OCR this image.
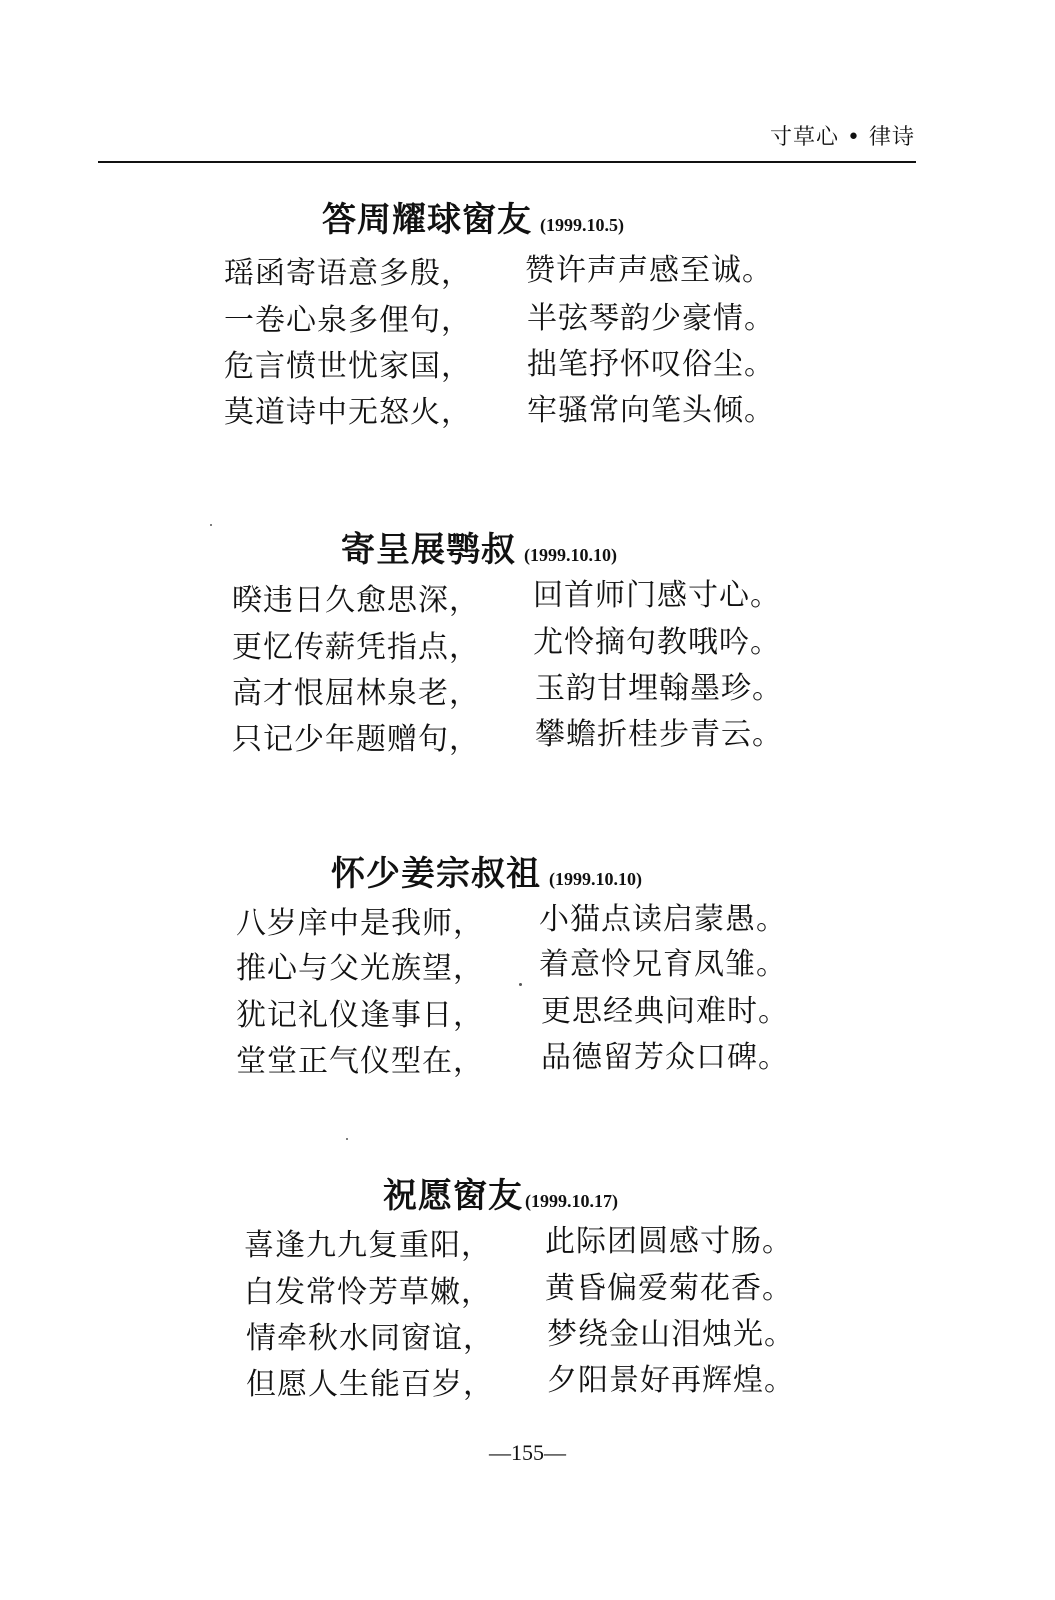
寸草心 • 律诗
答周耀球窗友 (1999.10.5)
瑶函寄语意多殷， 赞许声声感至诚。
一卷心泉多俚句， 半弦琴韵少豪情。
危言愤世忧家国， 拙笔抒怀叹俗尘。
莫道诗中无怒火， 牢骚常向笔头倾。
寄呈展鹗叔 (1999.10.10)
暌违日久愈思深， 回首师门感寸心。
更忆传薪凭指点， 尤怜摘句教哦吟。
高才恨屈林泉老， 玉韵甘埋翰墨珍。
只记少年题赠句， 攀蟾折桂步青云。
怀少姜宗叔祖 (1999.10.10)
八岁庠中是我师， 小猫点读启蒙愚。
推心与父光族望， 着意怜兄育凤雏。
犹记礼仪逢事日， 更思经典问难时。
堂堂正气仪型在， 品德留芳众口碑。
祝愿窗友 (1999.10.17)
喜逢九九复重阳， 此际团圆感寸肠。
白发常怜芳草嫩， 黄昏偏爱菊花香。
情牵秋水同窗谊， 梦绕金山泪烛光。
但愿人生能百岁， 夕阳景好再辉煌。
—155—
